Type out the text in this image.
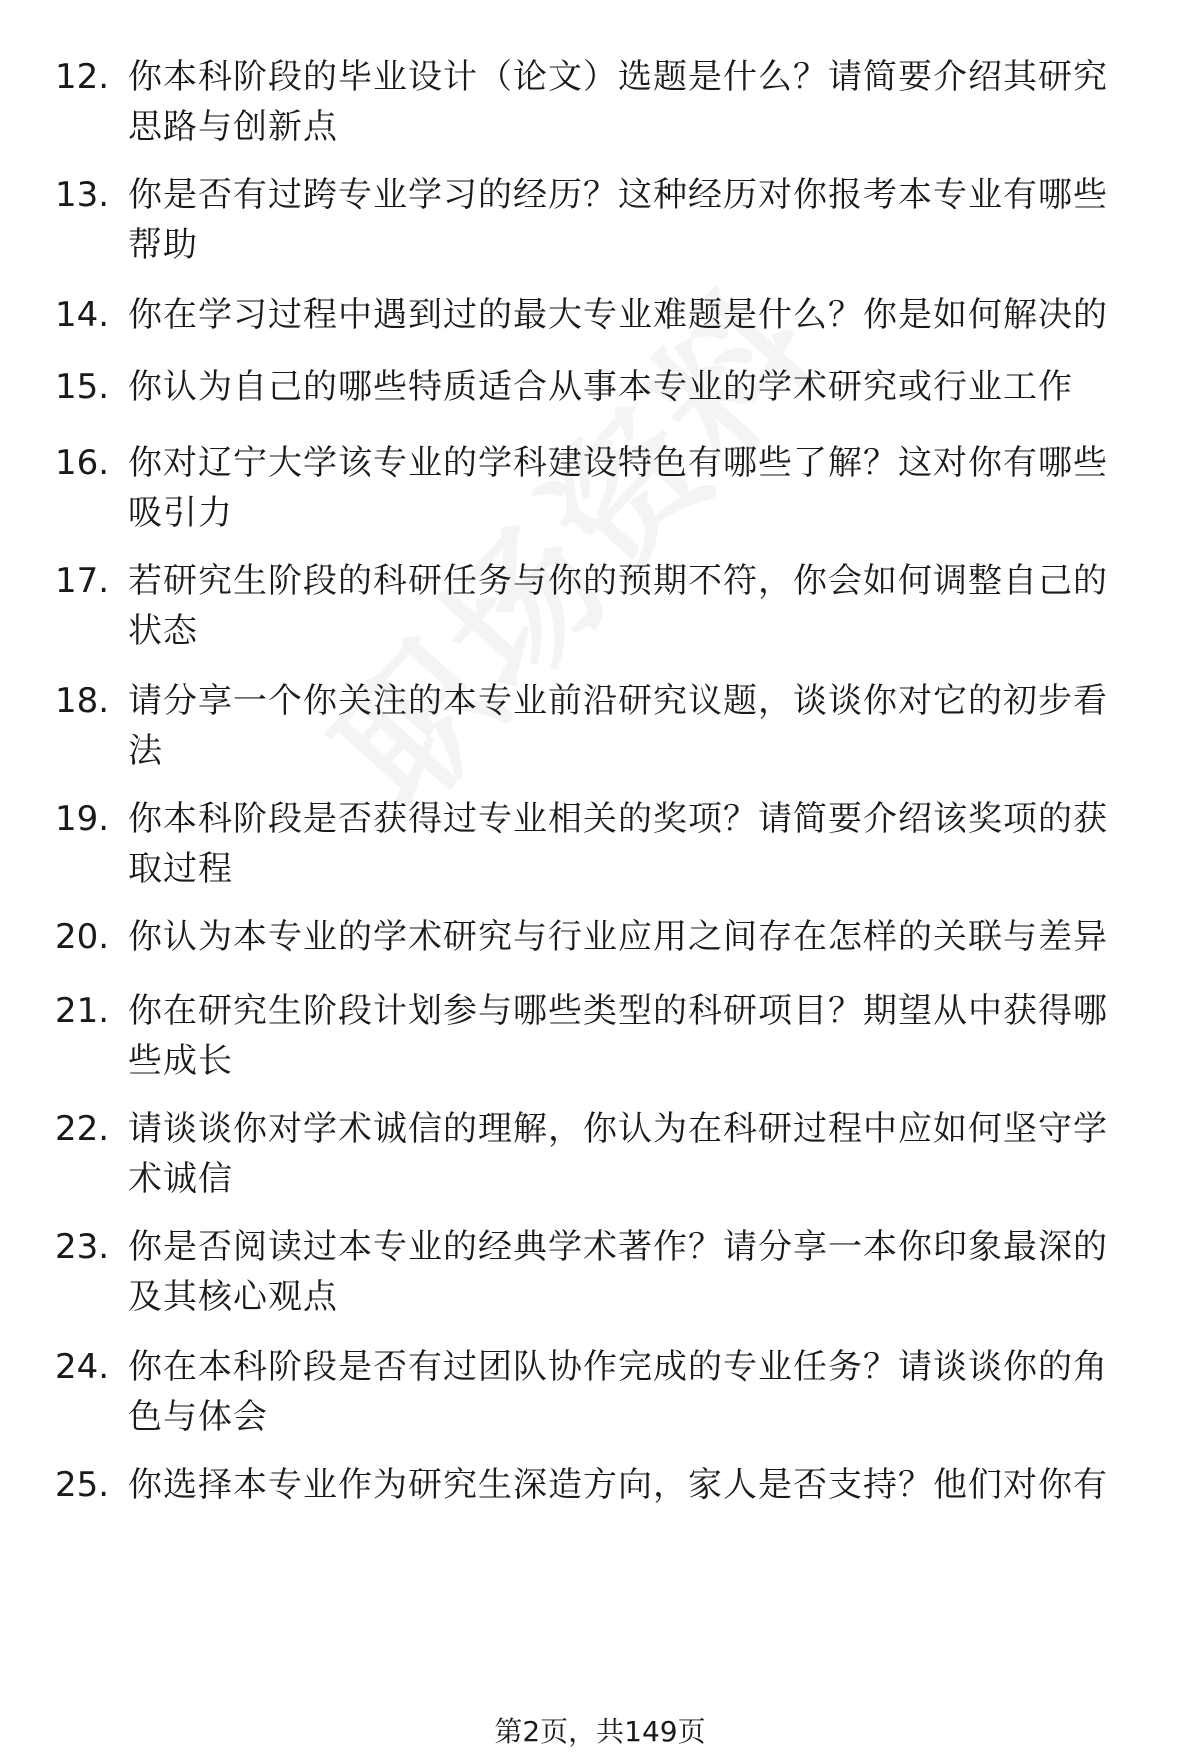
12. 你本科阶段的毕业设计（论文）选题是什么？请简要介绍其研究思路与创新点
13. 你是否有过跨专业学习的经历？这种经历对你报考本专业有哪些帮助
14. 你在学习过程中遇到过的最大专业难题是什么？你是如何解决的
15. 你认为自己的哪些特质适合从事本专业的学术研究或行业工作
16. 你对辽宁大学该专业的学科建设特色有哪些了解？这对你有哪些吸引力
17. 若研究生阶段的科研任务与你的预期不符，你会如何调整自己的状态
18. 请分享一个你关注的本专业前沿研究议题，谈谈你对它的初步看法
19. 你本科阶段是否获得过专业相关的奖项？请简要介绍该奖项的获取过程
20. 你认为本专业的学术研究与行业应用之间存在怎样的关联与差异
21. 你在研究生阶段计划参与哪些类型的科研项目？期望从中获得哪些成长
22. 请谈谈你对学术诚信的理解，你认为在科研过程中应如何坚守学术诚信
23. 你是否阅读过本专业的经典学术著作？请分享一本你印象最深的及其核心观点
24. 你在本科阶段是否有过团队协作完成的专业任务？请谈谈你的角色与体会
25. 你选择本专业作为研究生深造方向，家人是否支持？他们对你有
第2页，共149页
